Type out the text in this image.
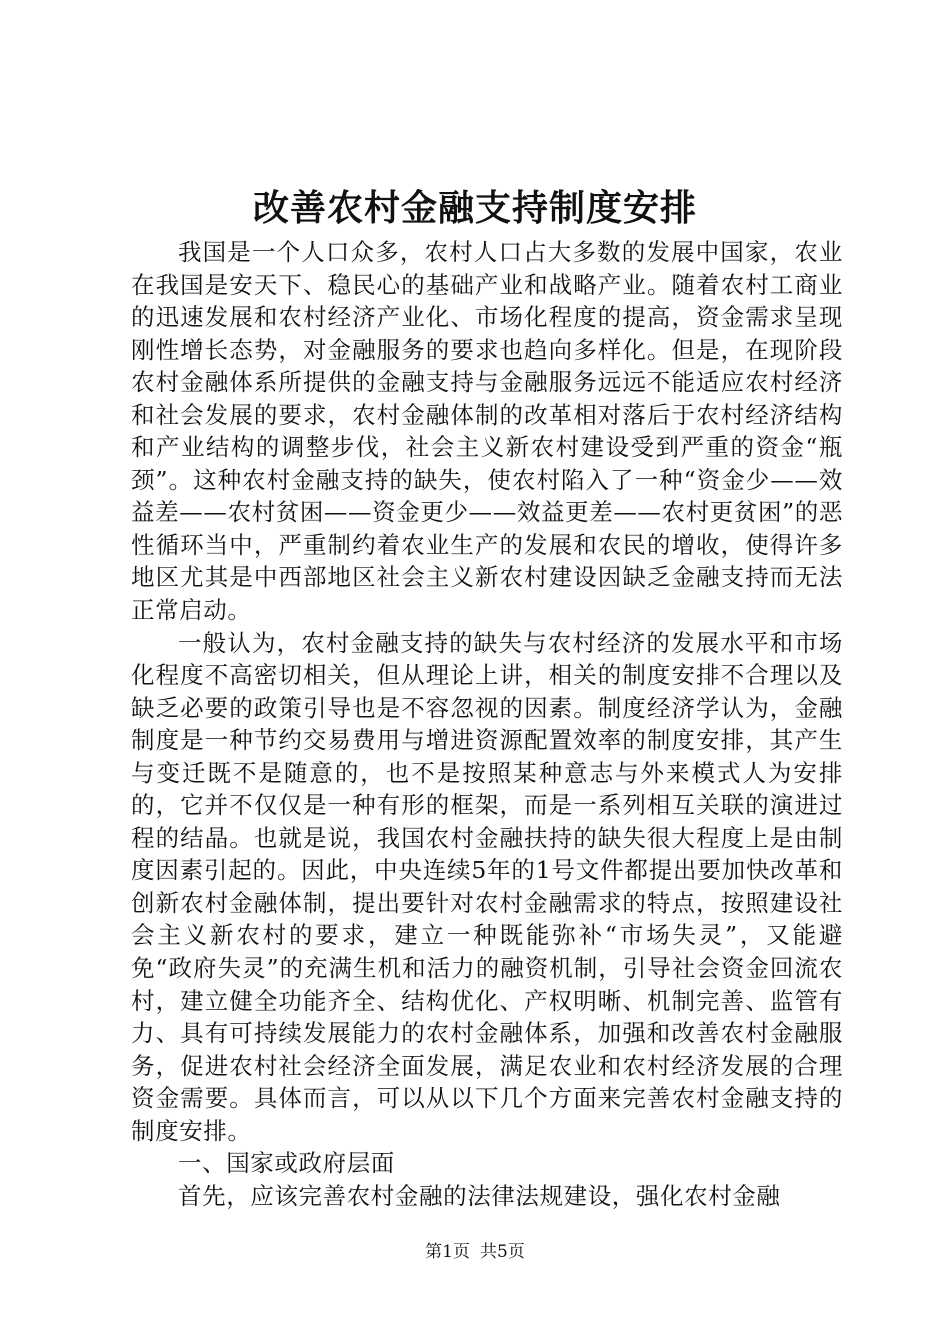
改善农村金融支持制度安排

我国是一个人口众多，农村人口占大多数的发展中国家，农业在我国是安天下、稳民心的基础产业和战略产业。随着农村工商业的迅速发展和农村经济产业化、市场化程度的提高，资金需求呈现刚性增长态势，对金融服务的要求也趋向多样化。但是，在现阶段农村金融体系所提供的金融支持与金融服务远远不能适应农村经济和社会发展的要求，农村金融体制的改革相对落后于农村经济结构和产业结构的调整步伐，社会主义新农村建设受到严重的资金“瓶颈”。这种农村金融支持的缺失，使农村陷入了一种“资金少——效益差——农村贫困——资金更少——效益更差——农村更贫困”的恶性循环当中，严重制约着农业生产的发展和农民的增收，使得许多地区尤其是中西部地区社会主义新农村建设因缺乏金融支持而无法正常启动。

一般认为，农村金融支持的缺失与农村经济的发展水平和市场化程度不高密切相关，但从理论上讲，相关的制度安排不合理以及缺乏必要的政策引导也是不容忽视的因素。制度经济学认为，金融制度是一种节约交易费用与增进资源配置效率的制度安排，其产生与变迁既不是随意的，也不是按照某种意志与外来模式人为安排的，它并不仅仅是一种有形的框架，而是一系列相互关联的演进过程的结晶。也就是说，我国农村金融扶持的缺失很大程度上是由制度因素引起的。因此，中央连续5年的1号文件都提出要加快改革和创新农村金融体制，提出要针对农村金融需求的特点，按照建设社会主义新农村的要求，建立一种既能弥补“市场失灵”，又能避免“政府失灵”的充满生机和活力的融资机制，引导社会资金回流农村，建立健全功能齐全、结构优化、产权明晰、机制完善、监管有力、具有可持续发展能力的农村金融体系，加强和改善农村金融服务，促进农村社会经济全面发展，满足农业和农村经济发展的合理资金需要。具体而言，可以从以下几个方面来完善农村金融支持的制度安排。

一、国家或政府层面

首先，应该完善农村金融的法律法规建设，强化农村金融

第1页 共5页
